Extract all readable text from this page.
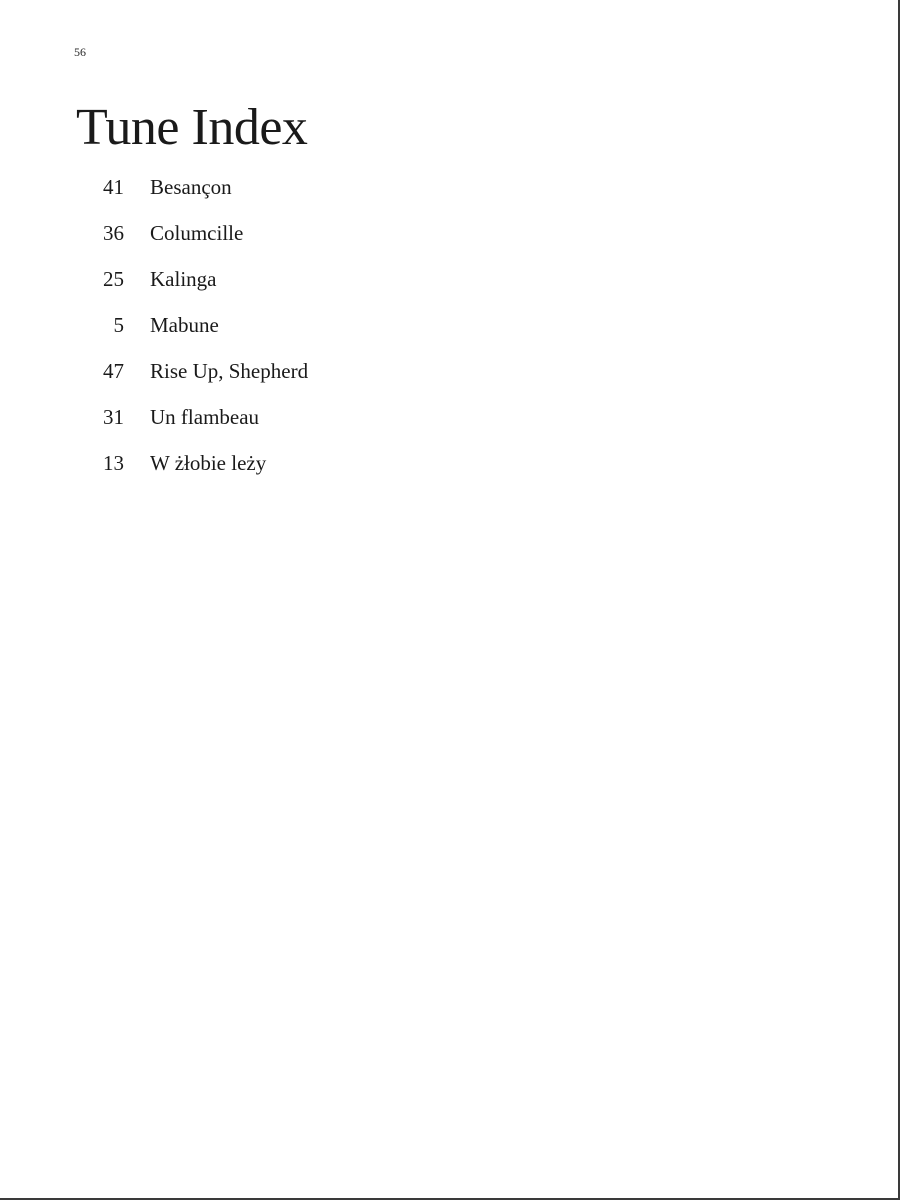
56
Tune Index
41 Besançon
36 Columcille
25 Kalinga
5 Mabune
47 Rise Up, Shepherd
31 Un flambeau
13 W żłobie leży
